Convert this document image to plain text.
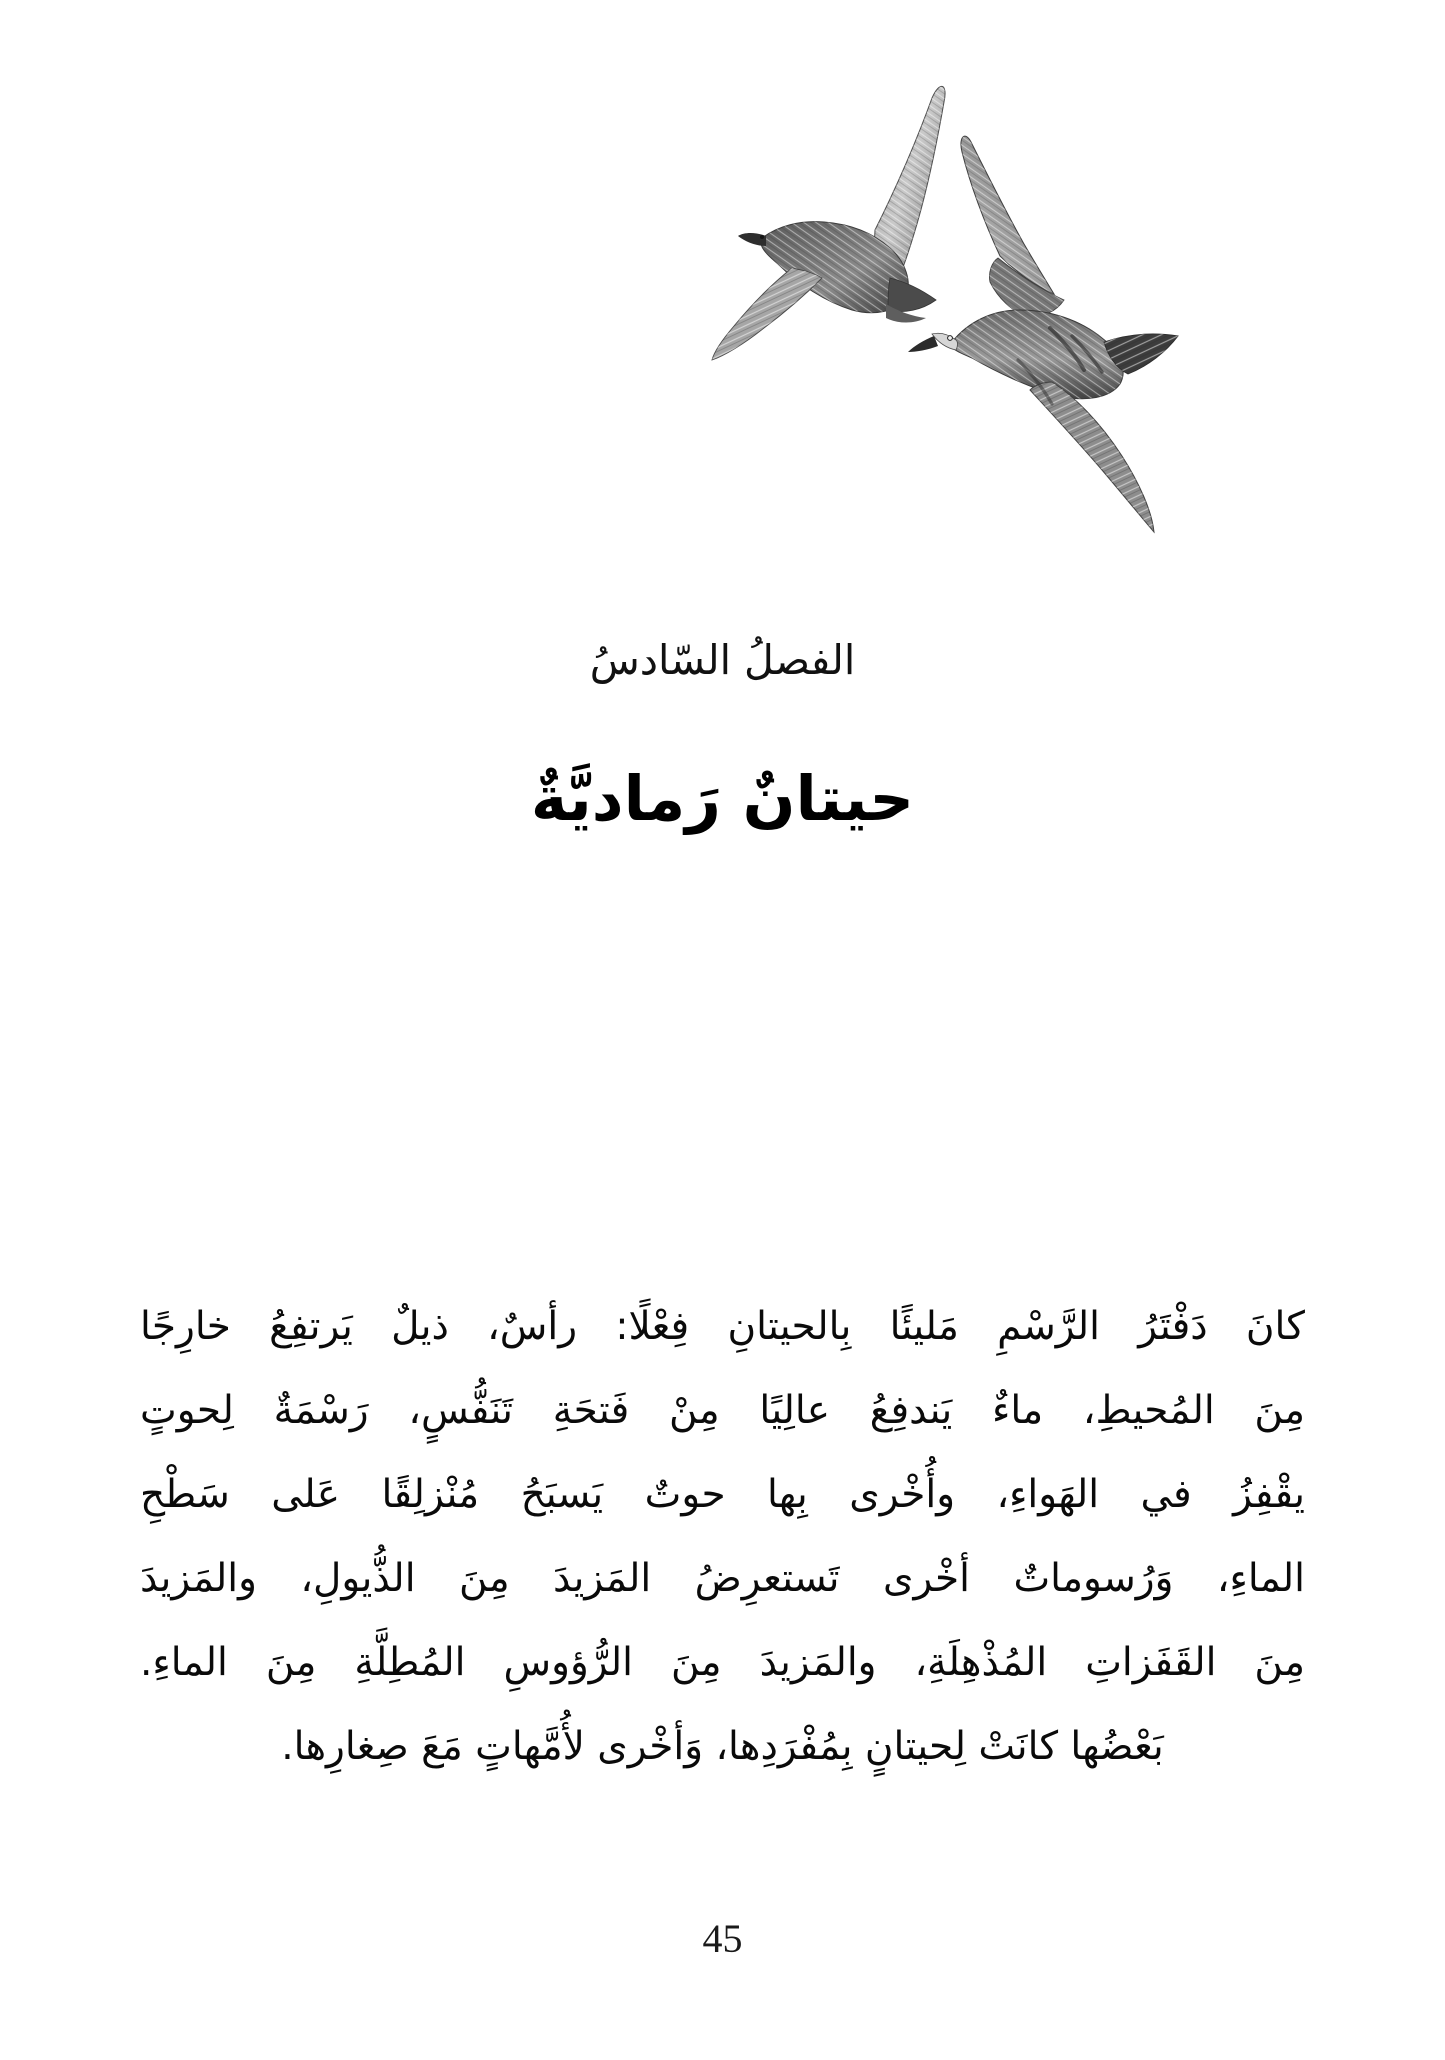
الفصلُ السّادسُ
حيتانٌ رَماديَّةٌ
كانَ دَفْتَرُ الرَّسْمِ مَليئًا بِالحيتانِ فِعْلًا: رأسٌ، ذيلٌ يَرتفِعُ خارِجًا
مِنَ المُحيطِ، ماءٌ يَندفِعُ عالِيًا مِنْ فَتحَةِ تَنَفُّسٍ، رَسْمَةٌ لِحوتٍ
يقْفِزُ في الهَواءِ، وأُخْرى بِها حوتٌ يَسبَحُ مُنْزلِقًا عَلى سَطْحِ
الماءِ، وَرُسوماتٌ أخْرى تَستعرِضُ المَزيدَ مِنَ الذُّيولِ، والمَزيدَ
مِنَ القَفَزاتِ المُذْهِلَةِ، والمَزيدَ مِنَ الرُّؤوسِ المُطِلَّةِ مِنَ الماءِ.
بَعْضُها كانَتْ لِحيتانٍ بِمُفْرَدِها، وَأخْرى لأُمَّهاتٍ مَعَ صِغارِها.
45
